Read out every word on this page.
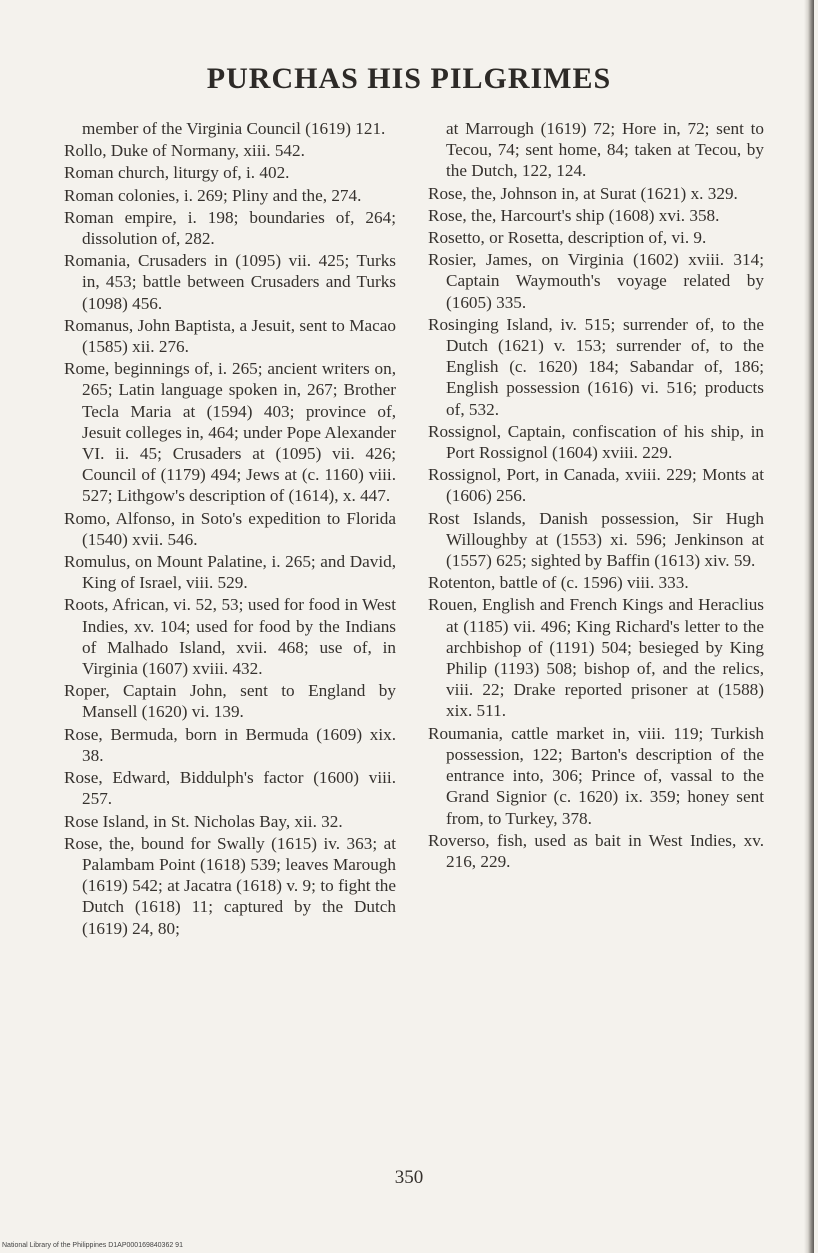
PURCHAS HIS PILGRIMES

member of the Virginia Council (1619) 121.

Rollo, Duke of Normany, xiii. 542.

Roman church, liturgy of, i. 402.

Roman colonies, i. 269; Pliny and the, 274.

Roman empire, i. 198; boundaries of, 264; dissolution of, 282.

Romania, Crusaders in (1095) vii. 425; Turks in, 453; battle between Crusaders and Turks (1098) 456.

Romanus, John Baptista, a Jesuit, sent to Macao (1585) xii. 276.

Rome, beginnings of, i. 265; ancient writers on, 265; Latin language spoken in, 267; Brother Tecla Maria at (1594) 403; province of, Jesuit colleges in, 464; under Pope Alexander VI. ii. 45; Crusaders at (1095) vii. 426; Council of (1179) 494; Jews at (c. 1160) viii. 527; Lithgow's description of (1614), x. 447.

Romo, Alfonso, in Soto's expedition to Florida (1540) xvii. 546.

Romulus, on Mount Palatine, i. 265; and David, King of Israel, viii. 529.

Roots, African, vi. 52, 53; used for food in West Indies, xv. 104; used for food by the Indians of Malhado Island, xvii. 468; use of, in Virginia (1607) xviii. 432.

Roper, Captain John, sent to England by Mansell (1620) vi. 139.

Rose, Bermuda, born in Bermuda (1609) xix. 38.

Rose, Edward, Biddulph's factor (1600) viii. 257.

Rose Island, in St. Nicholas Bay, xii. 32.

Rose, the, bound for Swally (1615) iv. 363; at Palambam Point (1618) 539; leaves Marough (1619) 542; at Jacatra (1618) v. 9; to fight the Dutch (1618) 11; captured by the Dutch (1619) 24, 80;

at Marrough (1619) 72; Hore in, 72; sent to Tecou, 74; sent home, 84; taken at Tecou, by the Dutch, 122, 124.

Rose, the, Johnson in, at Surat (1621) x. 329.

Rose, the, Harcourt's ship (1608) xvi. 358.

Rosetto, or Rosetta, description of, vi. 9.

Rosier, James, on Virginia (1602) xviii. 314; Captain Waymouth's voyage related by (1605) 335.

Rosinging Island, iv. 515; surrender of, to the Dutch (1621) v. 153; surrender of, to the English (c. 1620) 184; Sabandar of, 186; English possession (1616) vi. 516; products of, 532.

Rossignol, Captain, confiscation of his ship, in Port Rossignol (1604) xviii. 229.

Rossignol, Port, in Canada, xviii. 229; Monts at (1606) 256.

Rost Islands, Danish possession, Sir Hugh Willoughby at (1553) xi. 596; Jenkinson at (1557) 625; sighted by Baffin (1613) xiv. 59.

Rotenton, battle of (c. 1596) viii. 333.

Rouen, English and French Kings and Heraclius at (1185) vii. 496; King Richard's letter to the archbishop of (1191) 504; besieged by King Philip (1193) 508; bishop of, and the relics, viii. 22; Drake reported prisoner at (1588) xix. 511.

Roumania, cattle market in, viii. 119; Turkish possession, 122; Barton's description of the entrance into, 306; Prince of, vassal to the Grand Signior (c. 1620) ix. 359; honey sent from, to Turkey, 378.

Roverso, fish, used as bait in West Indies, xv. 216, 229.

350
National Library of the Philippines D1AP000169840362 91
